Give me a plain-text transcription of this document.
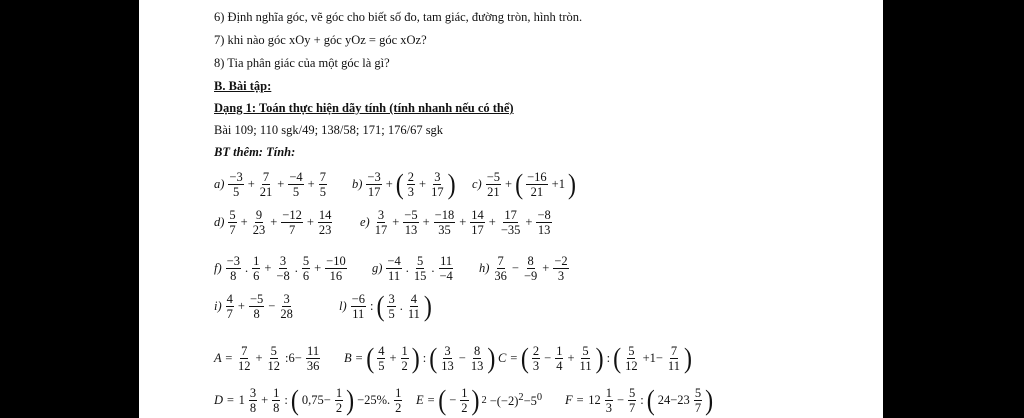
6) Định nghĩa góc, vẽ góc cho biết số đo, tam giác, đường tròn, hình tròn.
7) khi nào góc xOy + góc yOz = góc xOz?
8) Tia phân giác của một góc là gì?
B. Bài tập:
Dạng 1: Toán thực hiện dãy tính (tính nhanh nếu có thể)
Bài 109; 110 sgk/49; 138/58; 171; 176/67 sgk
BT thêm: Tính:
$a) \frac{-3}{5} + \frac{7}{21} + \frac{-4}{5} + \frac{7}{5} b) \frac{-3}{17}$ + ( $\frac{2}{3} + \frac{3}{17}$ ) $c) \frac{-5}{21}$ + ( $\frac{-16}{21} +1$ )
$d) \frac{5}{7} + \frac{9}{23} + \frac{-12}{7} + \frac{14}{23} e) \frac{3}{17} + \frac{-5}{13} + \frac{-18}{35} + \frac{14}{17} + \frac{17}{-35} + \frac{-8}{13}$
$f) \frac{-3}{8}$ . $\frac{1}{6} + \frac{3}{-8}$ . $\frac{5}{6} + \frac{-10}{16} g) \frac{-4}{11}$ . $\frac{5}{15}$ . $\frac{11}{-4} h) \frac{7}{36} - \frac{8}{-9} + \frac{-2}{3}$
$i) \frac{4}{7} + \frac{-5}{8} - \frac{3}{28}$	$l) \frac{-6}{11}$ : ( $\frac{3}{5}$ . $\frac{4}{11}$ )
$A = \frac{7}{12} + \frac{5}{12}$ :6− $\frac{11}{36}$ B = ( $\frac{4}{5} + \frac{1}{2}$ ) : ( $\frac{3}{13} - \frac{8}{13}$ ) C = ( $\frac{2}{3} - \frac{1}{4} + \frac{5}{11}$ ) : ( $\frac{5}{12} +1- \frac{7}{11}$ )
$D = 1 \frac{3}{8} + \frac{1}{8}$ : ( $0,75- \frac{1}{2}$ ) −25%. $\frac{1}{2}$ E = ( − $\frac{1}{2}$ ) $2 -(-2)^2-5^0$ $F = 12 \frac{1}{3} - \frac{5}{7}$ : ( $24-23 \frac{5}{7}$ )
